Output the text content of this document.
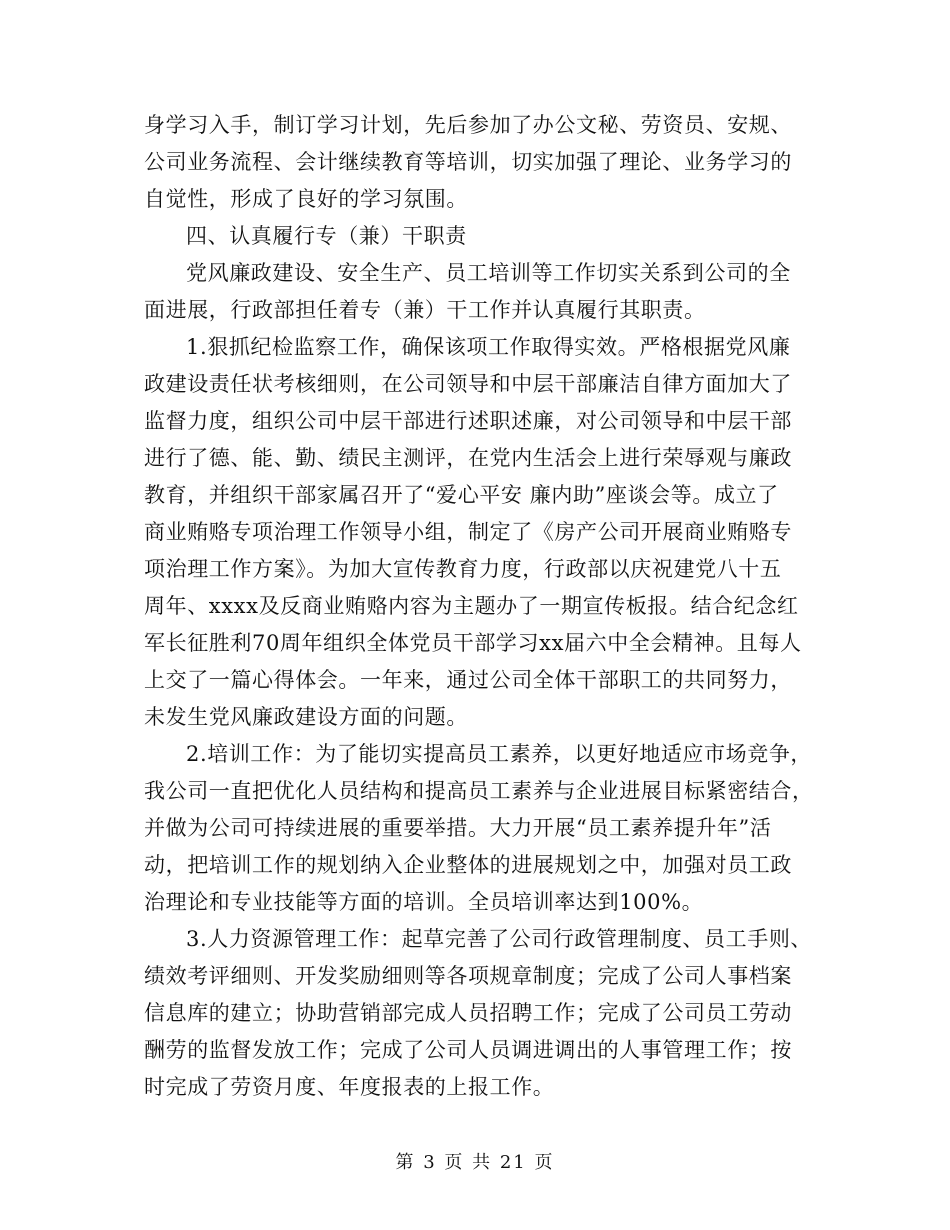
身学习入手，制订学习计划，先后参加了办公文秘、劳资员、安规、
公司业务流程、会计继续教育等培训，切实加强了理论、业务学习的
自觉性，形成了良好的学习氛围。
四、认真履行专（兼）干职责
党风廉政建设、安全生产、员工培训等工作切实关系到公司的全
面进展，行政部担任着专（兼）干工作并认真履行其职责。
1.狠抓纪检监察工作，确保该项工作取得实效。严格根据党风廉
政建设责任状考核细则，在公司领导和中层干部廉洁自律方面加大了
监督力度，组织公司中层干部进行述职述廉，对公司领导和中层干部
进行了德、能、勤、绩民主测评，在党内生活会上进行荣辱观与廉政
教育，并组织干部家属召开了“爱心平安 廉内助”座谈会等。成立了
商业贿赂专项治理工作领导小组，制定了《房产公司开展商业贿赂专
项治理工作方案》。为加大宣传教育力度，行政部以庆祝建党八十五
周年、xxxx及反商业贿赂内容为主题办了一期宣传板报。结合纪念红
军长征胜利70周年组织全体党员干部学习xx届六中全会精神。且每人
上交了一篇心得体会。一年来，通过公司全体干部职工的共同努力，
未发生党风廉政建设方面的问题。
2.培训工作：为了能切实提高员工素养，以更好地适应市场竞争，
我公司一直把优化人员结构和提高员工素养与企业进展目标紧密结合，
并做为公司可持续进展的重要举措。大力开展“员工素养提升年”活
动，把培训工作的规划纳入企业整体的进展规划之中，加强对员工政
治理论和专业技能等方面的培训。全员培训率达到100%。
3.人力资源管理工作：起草完善了公司行政管理制度、员工手则、
绩效考评细则、开发奖励细则等各项规章制度；完成了公司人事档案
信息库的建立；协助营销部完成人员招聘工作；完成了公司员工劳动
酬劳的监督发放工作；完成了公司人员调进调出的人事管理工作；按
时完成了劳资月度、年度报表的上报工作。
第 3 页 共 21 页
